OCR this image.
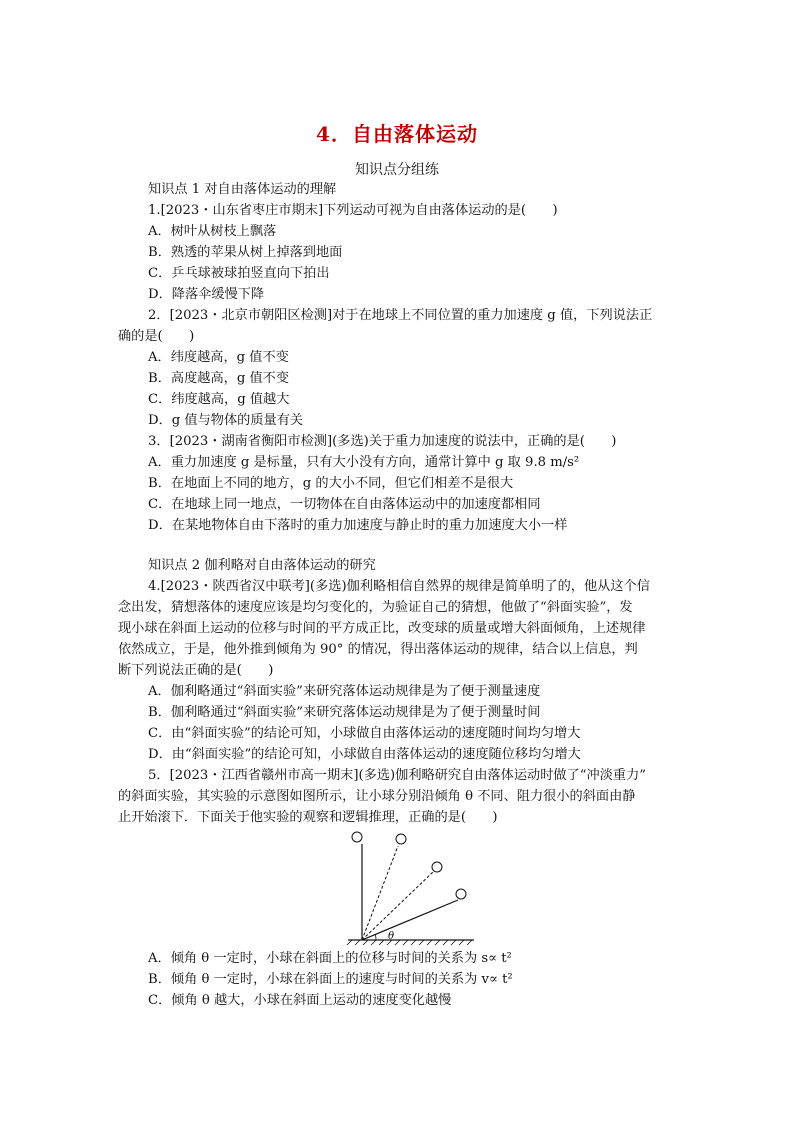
4．自由落体运动
知识点分组练
知识点 1 对自由落体运动的理解
1.[2023・山东省枣庄市期末]下列运动可视为自由落体运动的是(　　)
A．树叶从树枝上飘落
B．熟透的苹果从树上掉落到地面
C．乒乓球被球拍竖直向下拍出
D．降落伞缓慢下降
2．[2023・北京市朝阳区检测]对于在地球上不同位置的重力加速度 g 值，下列说法正
确的是(　　)
A．纬度越高，g 值不变
B．高度越高，g 值不变
C．纬度越高，g 值越大
D．g 值与物体的质量有关
3．[2023・湖南省衡阳市检测](多选)关于重力加速度的说法中，正确的是(　　)
A．重力加速度 g 是标量，只有大小没有方向，通常计算中 g 取 9.8 m/s²
B．在地面上不同的地方，g 的大小不同，但它们相差不是很大
C．在地球上同一地点，一切物体在自由落体运动中的加速度都相同
D．在某地物体自由下落时的重力加速度与静止时的重力加速度大小一样
知识点 2 伽利略对自由落体运动的研究
4.[2023・陕西省汉中联考](多选)伽利略相信自然界的规律是简单明了的，他从这个信
念出发，猜想落体的速度应该是均匀变化的，为验证自己的猜想，他做了“斜面实验”，发
现小球在斜面上运动的位移与时间的平方成正比，改变球的质量或增大斜面倾角，上述规律
依然成立，于是，他外推到倾角为 90° 的情况，得出落体运动的规律，结合以上信息，判
断下列说法正确的是(　　)
A．伽利略通过“斜面实验”来研究落体运动规律是为了便于测量速度
B．伽利略通过“斜面实验”来研究落体运动规律是为了便于测量时间
C．由“斜面实验”的结论可知，小球做自由落体运动的速度随时间均匀增大
D．由“斜面实验”的结论可知，小球做自由落体运动的速度随位移均匀增大
5．[2023・江西省赣州市高一期末](多选)伽利略研究自由落体运动时做了“冲淡重力”
的斜面实验，其实验的示意图如图所示，让小球分别沿倾角 θ 不同、阻力很小的斜面由静
止开始滚下．下面关于他实验的观察和逻辑推理，正确的是(　　)
θ
A．倾角 θ 一定时，小球在斜面上的位移与时间的关系为 s∝ t²
B．倾角 θ 一定时，小球在斜面上的速度与时间的关系为 v∝ t²
C．倾角 θ 越大，小球在斜面上运动的速度变化越慢
